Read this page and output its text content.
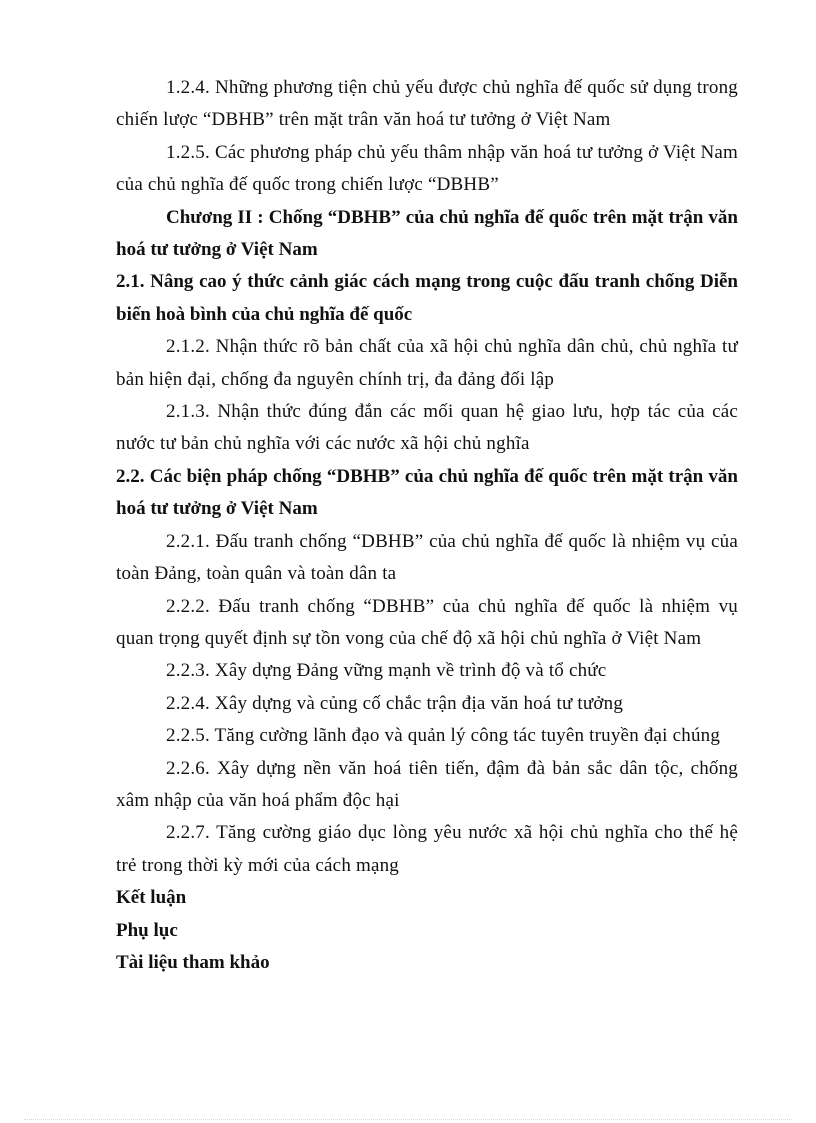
1.2.4. Những phương tiện chủ yếu được chủ nghĩa đế quốc sử dụng trong chiến lược “DBHB” trên mặt trân văn hoá tư tưởng ở Việt Nam

1.2.5. Các phương pháp chủ yếu thâm nhập văn hoá tư tưởng ở Việt Nam của chủ nghĩa đế quốc trong chiến lược “DBHB”

Chương II : Chống “DBHB” của chủ nghĩa đế quốc trên mặt trận văn hoá tư tưởng ở Việt Nam

2.1. Nâng cao ý thức cảnh giác cách mạng trong cuộc đấu tranh chống Diễn biến hoà bình của chủ nghĩa đế quốc

2.1.2. Nhận thức rõ bản chất của xã hội chủ nghĩa dân chủ, chủ nghĩa tư bản hiện đại, chống đa nguyên chính trị, đa đảng đối lập

2.1.3. Nhận thức đúng đắn các mối quan hệ giao lưu, hợp tác của các nước tư bản chủ nghĩa với các nước xã hội chủ nghĩa

2.2. Các biện pháp chống “DBHB” của chủ nghĩa đế quốc trên mặt trận văn hoá tư tưởng ở Việt Nam

2.2.1. Đấu tranh chống “DBHB” của chủ nghĩa đế quốc là nhiệm vụ của toàn Đảng, toàn quân và toàn dân ta

2.2.2. Đấu tranh chống “DBHB” của chủ nghĩa đế quốc là nhiệm vụ quan trọng quyết định sự tồn vong của chế độ xã hội chủ nghĩa ở Việt Nam

2.2.3. Xây dựng Đảng vững mạnh về trình độ và tổ chức

2.2.4. Xây dựng và củng cố chắc trận địa văn hoá tư tưởng

2.2.5. Tăng cường lãnh đạo và quản lý công tác tuyên truyền đại chúng

2.2.6. Xây dựng nền văn hoá tiên tiến, đậm đà bản sắc dân tộc, chống xâm nhập của văn hoá phẩm độc hại

2.2.7. Tăng cường giáo dục lòng yêu nước xã hội chủ nghĩa cho thế hệ trẻ trong thời kỳ mới của cách mạng

Kết luận

Phụ lục

Tài liệu tham khảo
